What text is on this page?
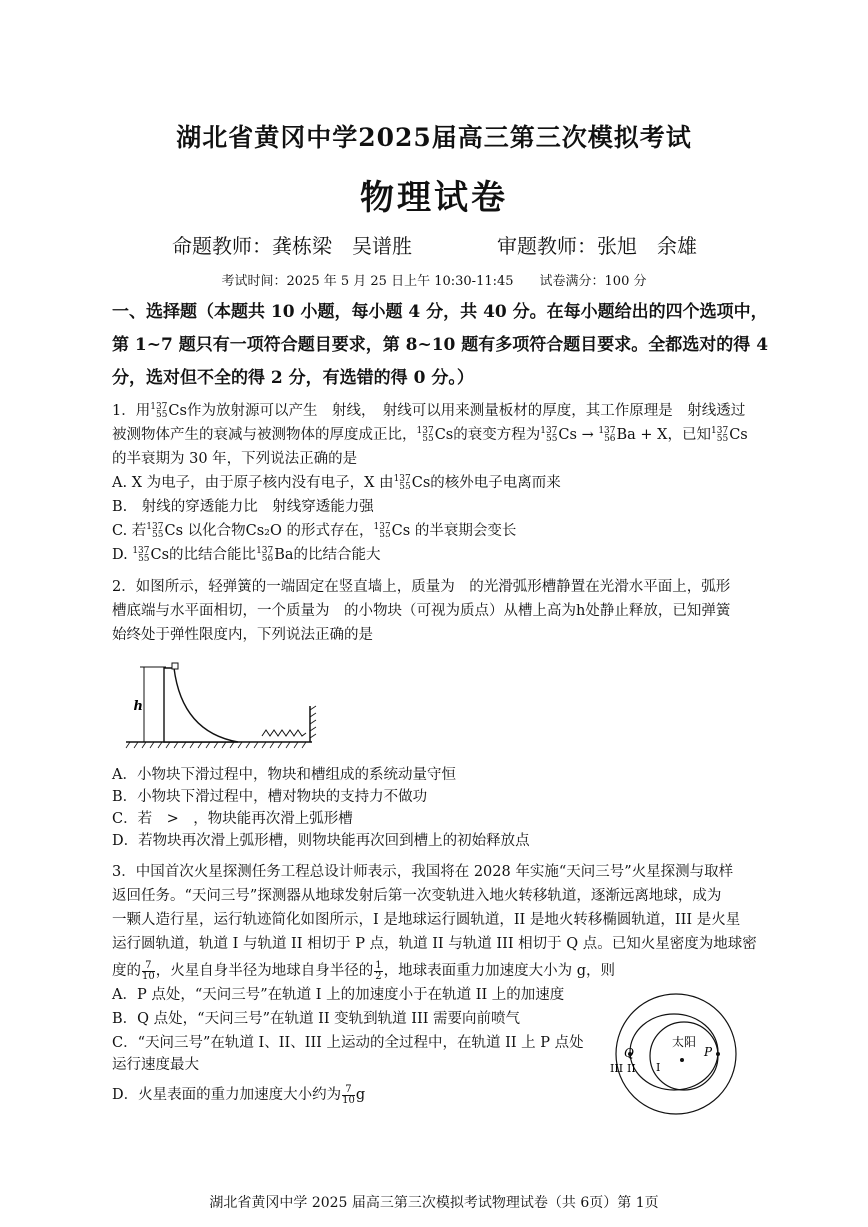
湖北省黄冈中学2025届高三第三次模拟考试
物理试卷
命题教师：龚栋梁　吴谱胜	审题教师：张旭　余雄
考试时间：2025 年 5 月 25 日上午 10:30-11:45　　试卷满分：100 分
一、选择题（本题共 10 小题，每小题 4 分，共 40 分。在每小题给出的四个选项中，
第 1~7 题只有一项符合题目要求，第 8~10 题有多项符合题目要求。全都选对的得 4
分，选对但不全的得 2 分，有选错的得 0 分。）
1．用 137
55 Cs作为放射源可以产生　射线，　射线可以用来测量板材的厚度，其工作原理是　射线透过
被测物体产生的衰减与被测物体的厚度成正比， 137
55 Cs的衰变方程为 137
55 Cs → 137
56 Ba + X，已知 137
55 Cs
的半衰期为 30 年，下列说法正确的是
A. X 为电子，由于原子核内没有电子，X 由 137
55 Cs的核外电子电离而来
B.　射线的穿透能力比　射线穿透能力强
C. 若 137
55 Cs 以化合物Cs₂O 的形式存在， 137
55 Cs 的半衰期会变长
D. 137
55 Cs的比结合能比 137
56 Ba的比结合能大
2．如图所示，轻弹簧的一端固定在竖直墙上，质量为　的光滑弧形槽静置在光滑水平面上，弧形
槽底端与水平面相切，一个质量为　的小物块（可视为质点）从槽上高为h处静止释放，已知弹簧
始终处于弹性限度内，下列说法正确的是
h
A．小物块下滑过程中，物块和槽组成的系统动量守恒
B．小物块下滑过程中，槽对物块的支持力不做功
C．若　>　，物块能再次滑上弧形槽
D．若物块再次滑上弧形槽，则物块能再次回到槽上的初始释放点
3．中国首次火星探测任务工程总设计师表示，我国将在 2028 年实施“天问三号”火星探测与取样
返回任务。“天问三号”探测器从地球发射后第一次变轨进入地火转移轨道，逐渐远离地球，成为
一颗人造行星，运行轨迹简化如图所示，I 是地球运行圆轨道，II 是地火转移椭圆轨道，III 是火星
运行圆轨道，轨道 I 与轨道 II 相切于 P 点，轨道 II 与轨道 III 相切于 Q 点。已知火星密度为地球密
度的 $\frac{7}{10}$ ，火星自身半径为地球自身半径的 $\frac{1}{2}$ ，地球表面重力加速度大小为 g，则
A．P 点处，“天问三号”在轨道 I 上的加速度小于在轨道 II 上的加速度
B．Q 点处，“天问三号”在轨道 II 变轨到轨道 III 需要向前喷气
C．“天问三号”在轨道 I、II、III 上运动的全过程中，在轨道 II 上 P 点处
运行速度最大
D．火星表面的重力加速度大小约为 $\frac{7}{10}$ g
太阳
P
Q
I
II
III
湖北省黄冈中学 2025 届高三第三次模拟考试物理试卷（共 6页）第 1页
